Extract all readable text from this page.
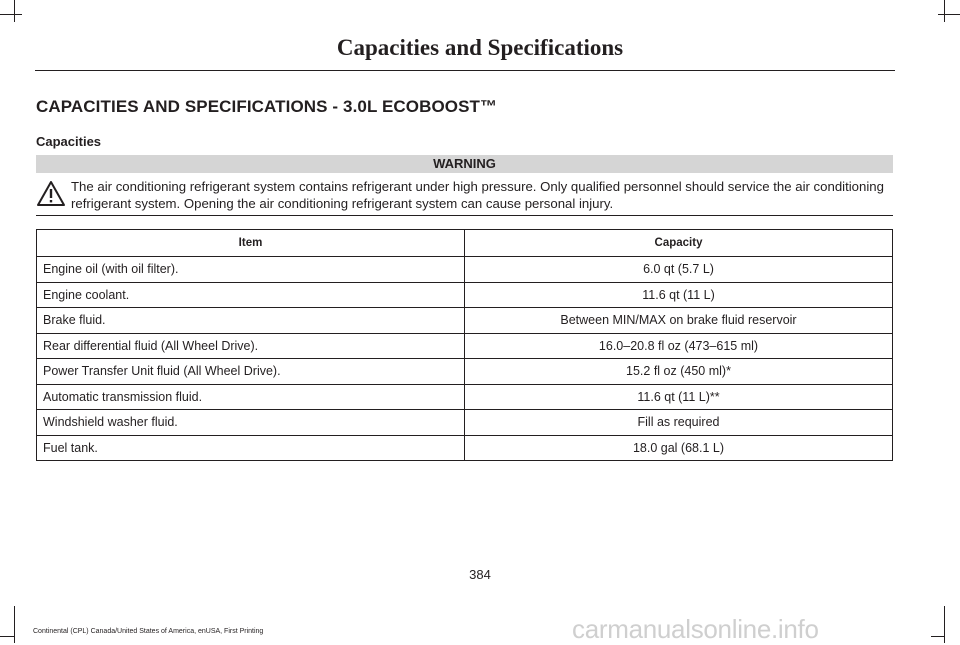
Capacities and Specifications
CAPACITIES AND SPECIFICATIONS - 3.0L ECOBOOST™
Capacities
WARNING
The air conditioning refrigerant system contains refrigerant under high pressure. Only qualified personnel should service the air conditioning refrigerant system. Opening the air conditioning refrigerant system can cause personal injury.
Item	Capacity
Engine oil (with oil filter).	6.0 qt (5.7 L)
Engine coolant.	11.6 qt (11 L)
Brake fluid.	Between MIN/MAX on brake fluid reservoir
Rear differential fluid (All Wheel Drive).	16.0–20.8 fl oz (473–615 ml)
Power Transfer Unit fluid (All Wheel Drive).	15.2 fl oz (450 ml)*
Automatic transmission fluid.	11.6 qt (11 L)**
Windshield washer fluid.	Fill as required
Fuel tank.	18.0 gal (68.1 L)
384
Continental (CPL) Canada/United States of America, enUSA, First Printing	carmanualsonline.info
